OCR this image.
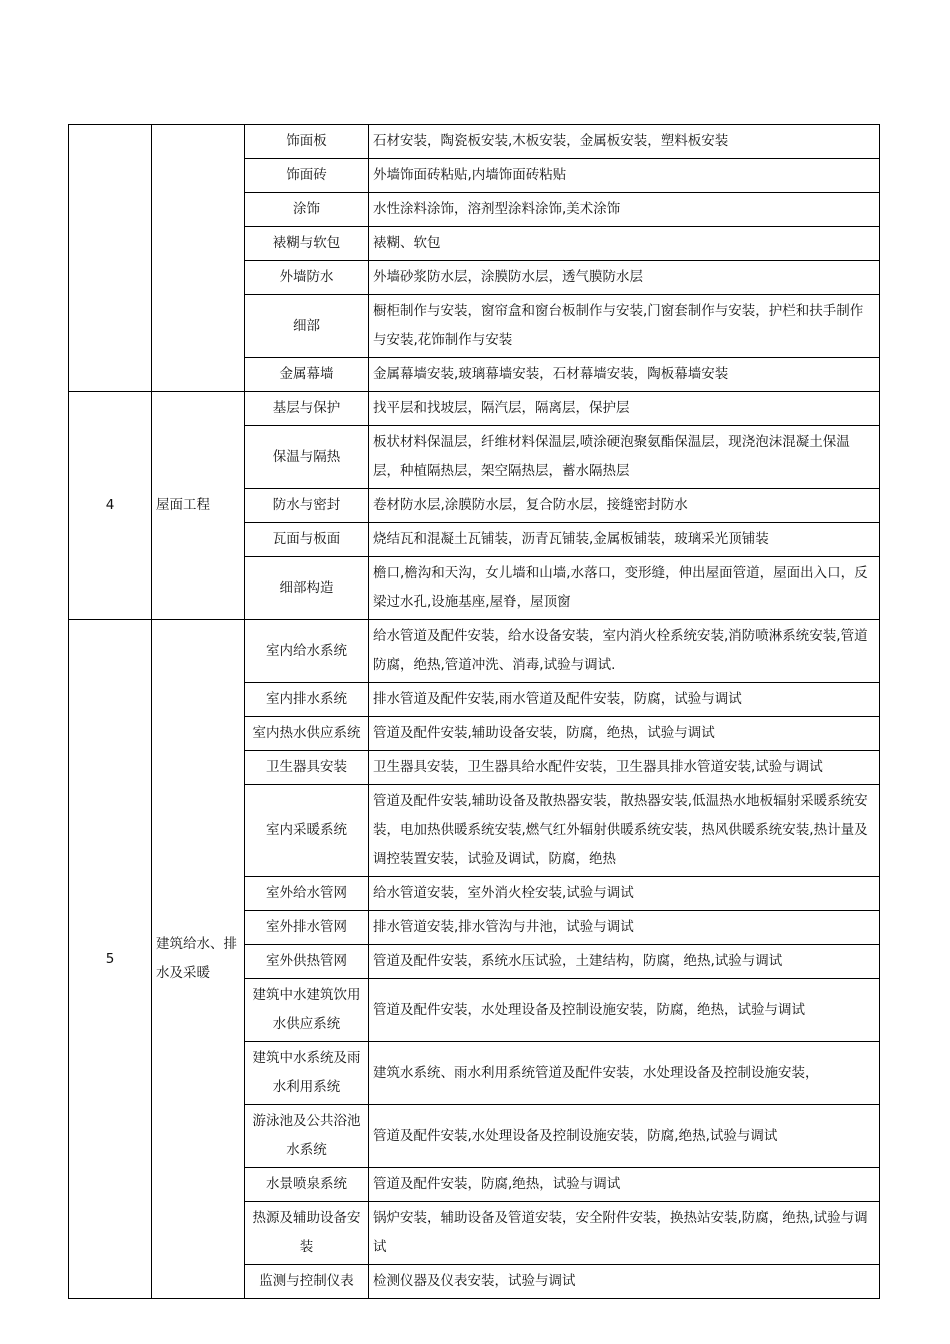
		饰面板	石材安装，陶瓷板安装,木板安装，金属板安装，塑料板安装
		饰面砖	外墙饰面砖粘贴,内墙饰面砖粘贴
		涂饰	水性涂料涂饰，溶剂型涂料涂饰,美术涂饰
		裱糊与软包	裱糊、软包
		外墙防水	外墙砂浆防水层，涂膜防水层，透气膜防水层
		细部	橱柜制作与安装，窗帘盒和窗台板制作与安装,门窗套制作与安装，护栏和扶手制作与安装,花饰制作与安装
		金属幕墙	金属幕墙安装,玻璃幕墙安装，石材幕墙安装，陶板幕墙安装
4	屋面工程	基层与保护	找平层和找坡层，隔汽层，隔离层，保护层
		保温与隔热	板状材料保温层，纤维材料保温层,喷涂硬泡聚氨酯保温层，现浇泡沫混凝土保温层，种植隔热层，架空隔热层，蓄水隔热层
		防水与密封	卷材防水层,涂膜防水层，复合防水层，接缝密封防水
		瓦面与板面	烧结瓦和混凝土瓦铺装，沥青瓦铺装,金属板铺装，玻璃采光顶铺装
		细部构造	檐口,檐沟和天沟，女儿墙和山墙,水落口，变形缝，伸出屋面管道，屋面出入口，反梁过水孔,设施基座,屋脊，屋顶窗
5	建筑给水、排水及采暖	室内给水系统	给水管道及配件安装，给水设备安装，室内消火栓系统安装,消防喷淋系统安装,管道防腐，绝热,管道冲洗、消毒,试验与调试.
		室内排水系统	排水管道及配件安装,雨水管道及配件安装，防腐，试验与调试
		室内热水供应系统	管道及配件安装,辅助设备安装，防腐，绝热，试验与调试
		卫生器具安装	卫生器具安装，卫生器具给水配件安装，卫生器具排水管道安装,试验与调试
		室内采暖系统	管道及配件安装,辅助设备及散热器安装，散热器安装,低温热水地板辐射采暖系统安装，电加热供暖系统安装,燃气红外辐射供暖系统安装，热风供暖系统安装,热计量及调控装置安装，试验及调试，防腐，绝热
		室外给水管网	给水管道安装，室外消火栓安装,试验与调试
		室外排水管网	排水管道安装,排水管沟与井池，试验与调试
		室外供热管网	管道及配件安装，系统水压试验，土建结构，防腐，绝热,试验与调试
		建筑中水建筑饮用水供应系统	管道及配件安装，水处理设备及控制设施安装，防腐，绝热，试验与调试
		建筑中水系统及雨水利用系统	建筑水系统、雨水利用系统管道及配件安装，水处理设备及控制设施安装，
		游泳池及公共浴池水系统	管道及配件安装,水处理设备及控制设施安装，防腐,绝热,试验与调试
		水景喷泉系统	管道及配件安装，防腐,绝热，试验与调试
		热源及辅助设备安装	锅炉安装，辅助设备及管道安装，安全附件安装，换热站安装,防腐，绝热,试验与调试
		监测与控制仪表	检测仪器及仪表安装，试验与调试
